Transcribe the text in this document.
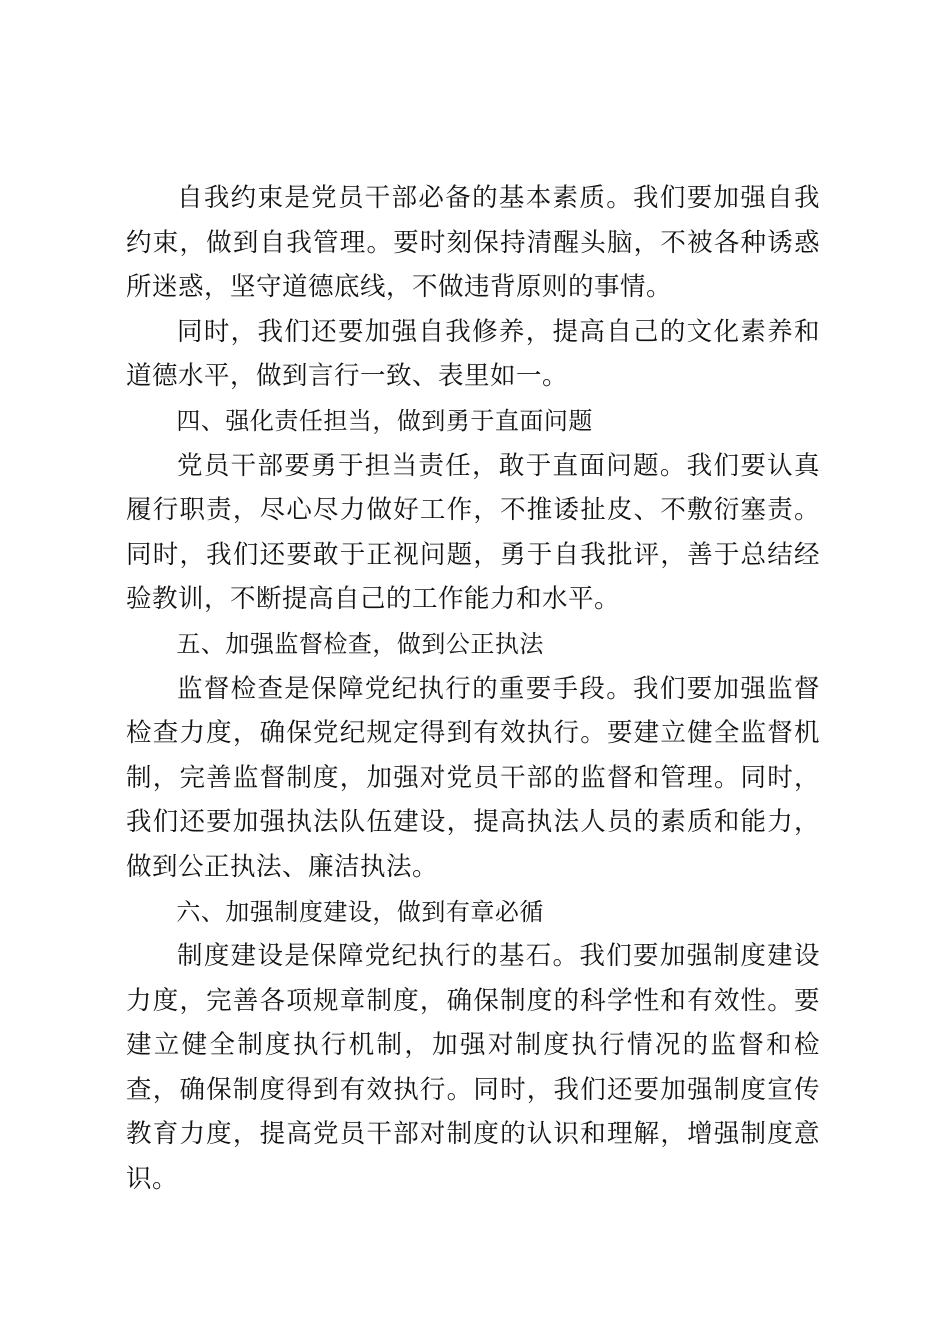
自我约束是党员干部必备的基本素质。我们要加强自我约束，做到自我管理。要时刻保持清醒头脑，不被各种诱惑所迷惑，坚守道德底线，不做违背原则的事情。

同时，我们还要加强自我修养，提高自己的文化素养和道德水平，做到言行一致、表里如一。

四、强化责任担当，做到勇于直面问题

党员干部要勇于担当责任，敢于直面问题。我们要认真履行职责，尽心尽力做好工作，不推诿扯皮、不敷衍塞责。同时，我们还要敢于正视问题，勇于自我批评，善于总结经验教训，不断提高自己的工作能力和水平。

五、加强监督检查，做到公正执法

监督检查是保障党纪执行的重要手段。我们要加强监督检查力度，确保党纪规定得到有效执行。要建立健全监督机制，完善监督制度，加强对党员干部的监督和管理。同时，我们还要加强执法队伍建设，提高执法人员的素质和能力，做到公正执法、廉洁执法。

六、加强制度建设，做到有章必循

制度建设是保障党纪执行的基石。我们要加强制度建设力度，完善各项规章制度，确保制度的科学性和有效性。要建立健全制度执行机制，加强对制度执行情况的监督和检查，确保制度得到有效执行。同时，我们还要加强制度宣传教育力度，提高党员干部对制度的认识和理解，增强制度意识。
